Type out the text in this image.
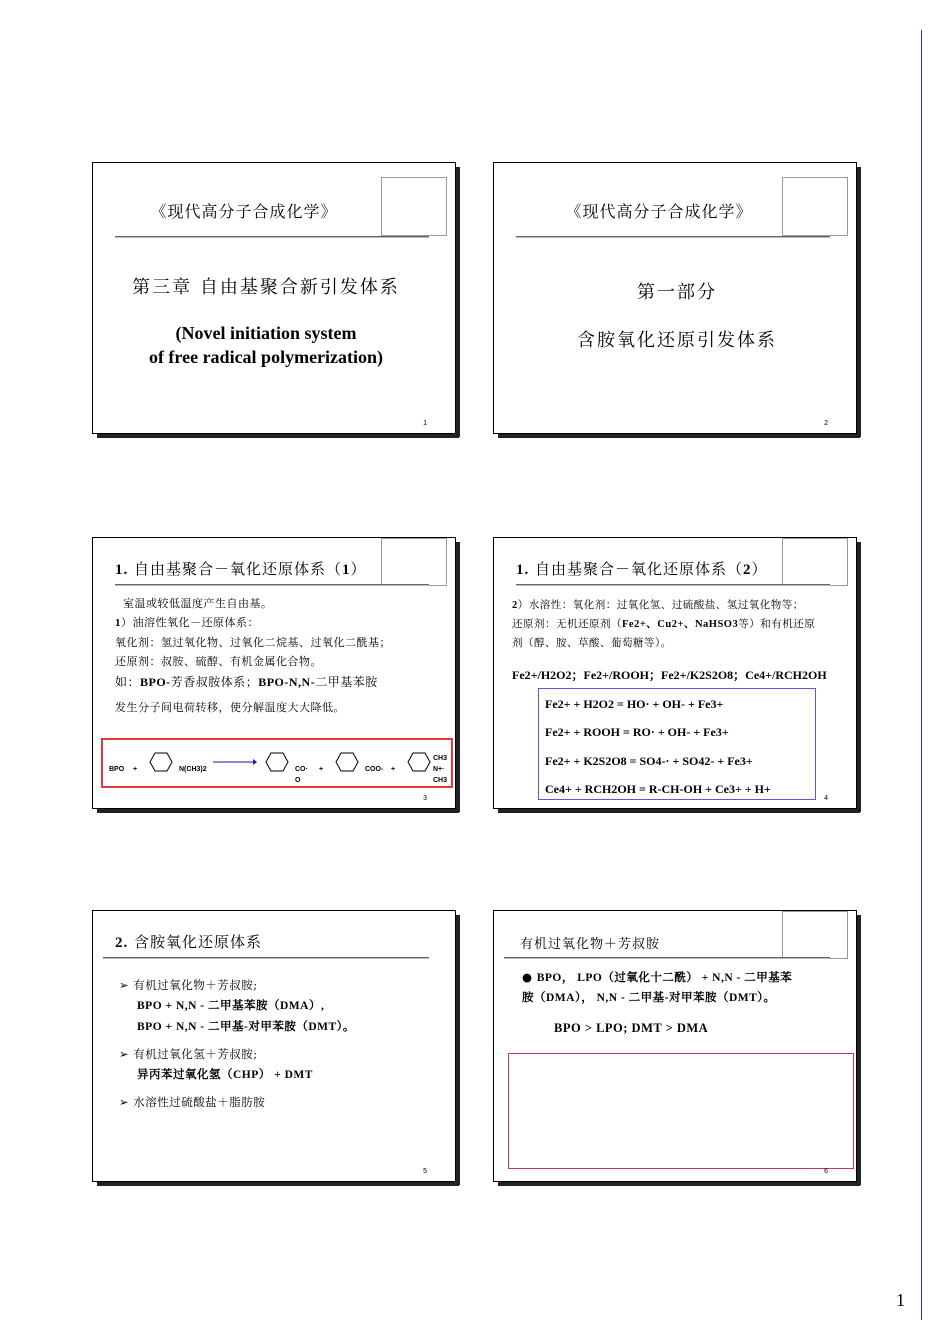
《现代高分子合成化学》
第三章 自由基聚合新引发体系
(Novel initiation system
of free radical polymerization)
1
《现代高分子合成化学》
第一部分
含胺氧化还原引发体系
2
1. 自由基聚合－氧化还原体系（1）
室温或较低温度产生自由基。
1）油溶性氧化－还原体系：
氧化剂：氢过氧化物、过氧化二烷基、过氧化二酰基；
还原剂：叔胺、硫醇、有机金属化合物。
如：BPO-芳香叔胺体系；BPO-N,N-二甲基苯胺
发生分子间电荷转移，使分解温度大大降低。
BPO +	N(CH3)2	CO·
O
+	COO- +
CH3
N+·
CH3
3
1. 自由基聚合－氧化还原体系（2）
2）水溶性：氧化剂：过氧化氢、过硫酸盐、氢过氧化物等；
还原剂：无机还原剂（Fe2+、Cu2+、NaHSO3等）和有机还原
剂（醇、胺、草酸、葡萄糖等）。
Fe2+/H2O2；Fe2+/ROOH；Fe2+/K2S2O8；Ce4+/RCH2OH
Fe2+ + H2O2 = HO· + OH- + Fe3+
Fe2+ + ROOH = RO· + OH- + Fe3+
Fe2+ + K2S2O8 = SO4-· + SO42- + Fe3+
Ce4+ + RCH2OH = R-CH-OH + Ce3+ + H+
4
2. 含胺氧化还原体系
➢ 有机过氧化物＋芳叔胺;
BPO + N,N - 二甲基苯胺（DMA）,
BPO + N,N - 二甲基-对甲苯胺（DMT）。
➢ 有机过氧化氢＋芳叔胺;
异丙苯过氧化氢（CHP） + DMT
➢ 水溶性过硫酸盐＋脂肪胺
5
有机过氧化物＋芳叔胺
● BPO， LPO（过氧化十二酰） + N,N - 二甲基苯
胺（DMA）， N,N - 二甲基-对甲苯胺（DMT）。
BPO > LPO; DMT > DMA
6
1
